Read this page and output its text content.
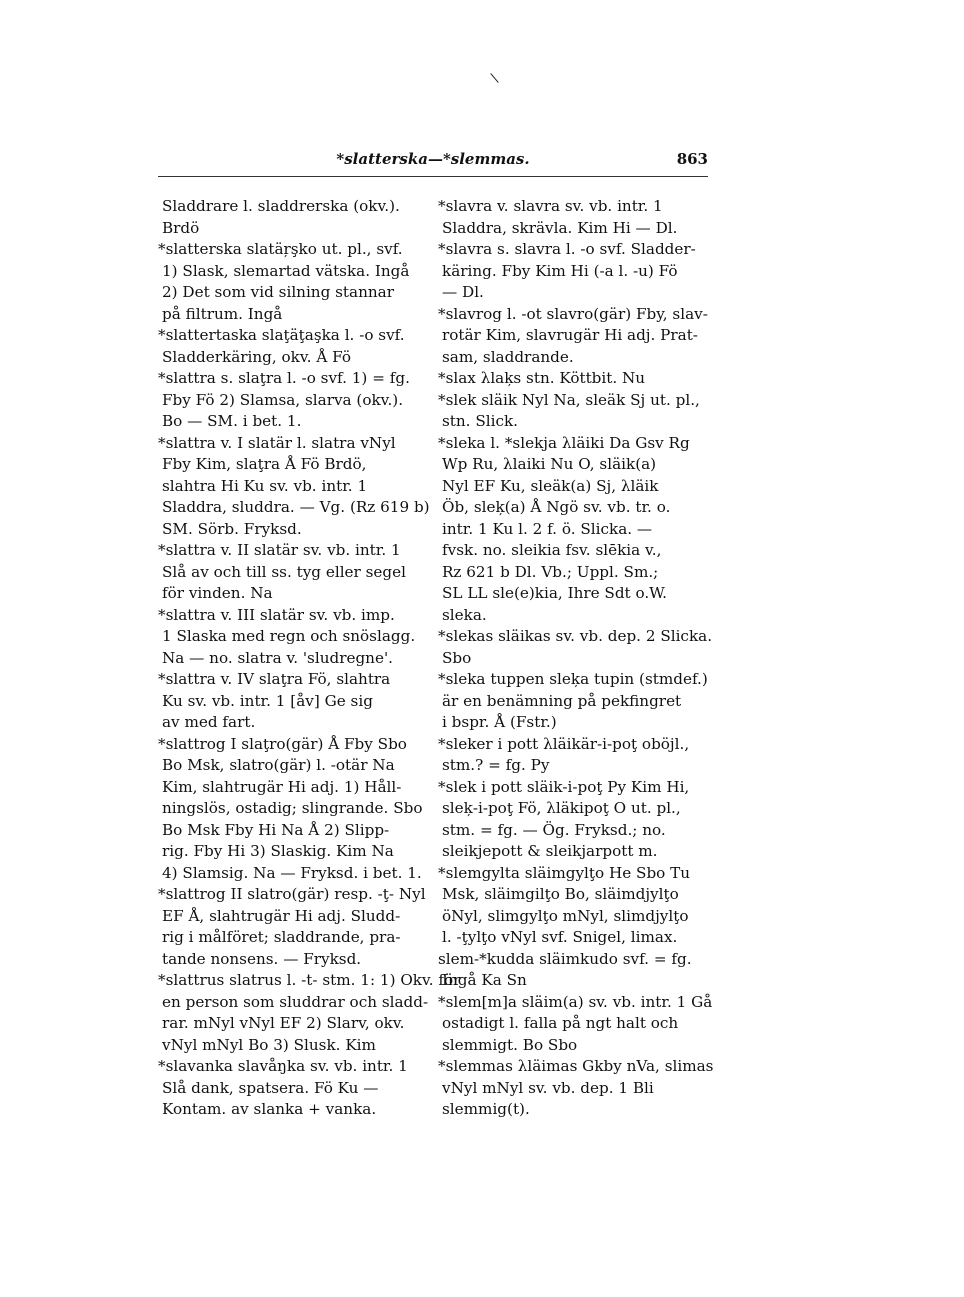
*slatterska—*slemmas.	863
Sladdrare l. sladdrerska (okv.).
Brdö
*slatterska slatäŗşko ut. pl., svf.
1) Slask, slemartad vätska. Ingå
2) Det som vid silning stannar
på filtrum. Ingå
*slattertaska slaţäţaşka l. -o svf.
Sladderkäring, okv. Å Fö
*slattra s. slaţra l. -o svf. 1) = fg.
Fby Fö 2) Slamsa, slarva (okv.).
Bo — SM. i bet. 1.
*slattra v. I slatär l. slatra vNyl
Fby Kim, slaţra Å Fö Brdö,
slahtra Hi Ku sv. vb. intr. 1
Sladdra, sluddra. — Vg. (Rz 619 b)
SM. Sörb. Fryksd.
*slattra v. II slatär sv. vb. intr. 1
Slå av och till ss. tyg eller segel
för vinden. Na
*slattra v. III slatär sv. vb. imp.
1 Slaska med regn och snöslagg.
Na — no. slatra v. 'sludregne'.
*slattra v. IV slaţra Fö, slahtra
Ku sv. vb. intr. 1 [åv] Ge sig
av med fart.
*slattrog I slaţro(gär) Å Fby Sbo
Bo Msk, slatro(gär) l. -otär Na
Kim, slahtrugär Hi adj. 1) Håll-
ningslös, ostadig; slingrande. Sbo
Bo Msk Fby Hi Na Å 2) Slipp-
rig. Fby Hi 3) Slaskig. Kim Na
4) Slamsig. Na — Fryksd. i bet. 1.
*slattrog II slatro(gär) resp. -ţ- Nyl
EF Å, slahtrugär Hi adj. Sludd-
rig i målföret; sladdrande, pra-
tande nonsens. — Fryksd.
*slattrus slatrus l. -t- stm. 1: 1) Okv. för
en person som sluddrar och sladd-
rar. mNyl vNyl EF 2) Slarv, okv.
vNyl mNyl Bo 3) Slusk. Kim
*slavanka slavåŋka sv. vb. intr. 1
Slå dank, spatsera. Fö Ku —
Kontam. av slanka + vanka.
*slavra v. slavra sv. vb. intr. 1
Sladdra, skrävla. Kim Hi — Dl.
*slavra s. slavra l. -o svf. Sladder-
käring. Fby Kim Hi (-a l. -u) Fö
— Dl.
*slavrog l. -ot slavro(gär) Fby, slav-
rotär Kim, slavrugär Hi adj. Prat-
sam, sladdrande.
*slax λlaķs stn. Köttbit. Nu
*slek släik Nyl Na, sleäk Sj ut. pl.,
stn. Slick.
*sleka l. *slekja λläiki Da Gsv Rg
Wp Ru, λlaiki Nu O, släik(a)
Nyl EF Ku, sleäk(a) Sj, λläik
Öb, sleķ(a) Å Ngö sv. vb. tr. o.
intr. 1 Ku l. 2 f. ö. Slicka. —
fvsk. no. sleikia fsv. slēkia v.,
Rz 621 b Dl. Vb.; Uppl. Sm.;
SL LL sle(e)kia, Ihre Sdt o.W.
sleka.
*slekas släikas sv. vb. dep. 2 Slicka.
Sbo
*sleka tuppen sleķa tupin (stmdef.)
är en benämning på pekfingret
i bspr. Å (Fstr.)
*sleker i pott λläikär-i-poţ oböjl.,
stm.? = fg. Py
*slek i pott släik-i-poţ Py Kim Hi,
sleķ-i-poţ Fö, λläkipoţ O ut. pl.,
stm. = fg. — Ög. Fryksd.; no.
sleikjepott & sleikjarpott m.
*slemgylta släimgylţo He Sbo Tu
Msk, släimgilţo Bo, släimdjylţo
öNyl, slimgylţo mNyl, slimdjylţo
l. -ţylţo vNyl svf. Snigel, limax.
slem-*kudda släimkudo svf. = fg.
Ingå Ka Sn
*slem[m]a släim(a) sv. vb. intr. 1 Gå
ostadigt l. falla på ngt halt och
slemmigt. Bo Sbo
*slemmas λläimas Gkby nVa, slimas
vNyl mNyl sv. vb. dep. 1 Bli
slemmig(t).
